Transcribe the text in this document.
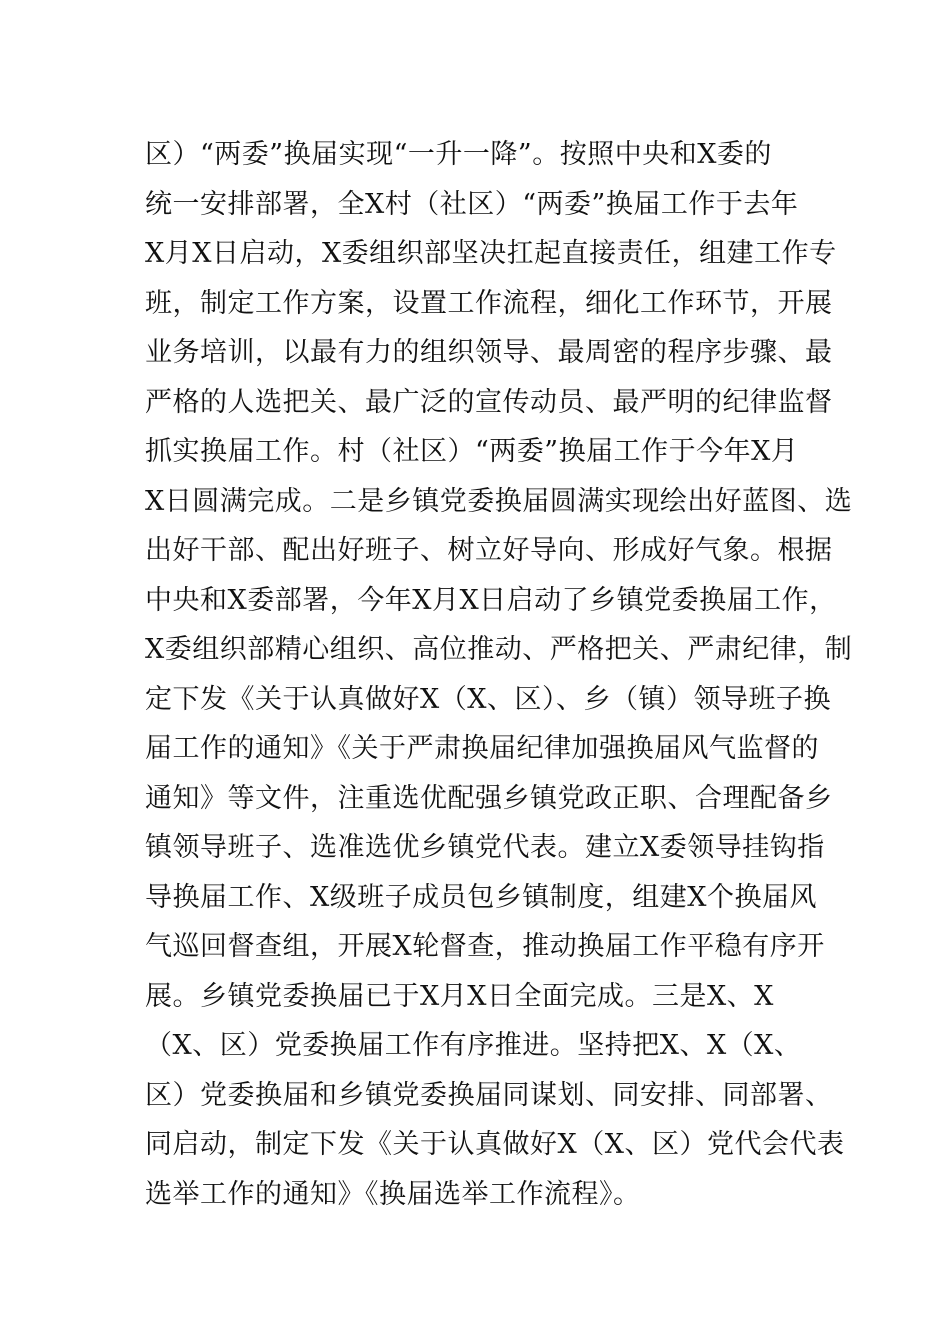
区）“两委”换届实现“一升一降”。按照中央和X委的
统一安排部署，全X村（社区）“两委”换届工作于去年
X月X日启动，X委组织部坚决扛起直接责任，组建工作专
班，制定工作方案，设置工作流程，细化工作环节，开展
业务培训，以最有力的组织领导、最周密的程序步骤、最
严格的人选把关、最广泛的宣传动员、最严明的纪律监督
抓实换届工作。村（社区）“两委”换届工作于今年X月
X日圆满完成。二是乡镇党委换届圆满实现绘出好蓝图、选
出好干部、配出好班子、树立好导向、形成好气象。根据
中央和X委部署，今年X月X日启动了乡镇党委换届工作，
X委组织部精心组织、高位推动、严格把关、严肃纪律，制
定下发《关于认真做好X（X、区）、乡（镇）领导班子换
届工作的通知》《关于严肃换届纪律加强换届风气监督的
通知》等文件，注重选优配强乡镇党政正职、合理配备乡
镇领导班子、选准选优乡镇党代表。建立X委领导挂钩指
导换届工作、X级班子成员包乡镇制度，组建X个换届风
气巡回督查组，开展X轮督查，推动换届工作平稳有序开
展。乡镇党委换届已于X月X日全面完成。三是X、X
（X、区）党委换届工作有序推进。坚持把X、X（X、
区）党委换届和乡镇党委换届同谋划、同安排、同部署、
同启动，制定下发《关于认真做好X（X、区）党代会代表
选举工作的通知》《换届选举工作流程》。
